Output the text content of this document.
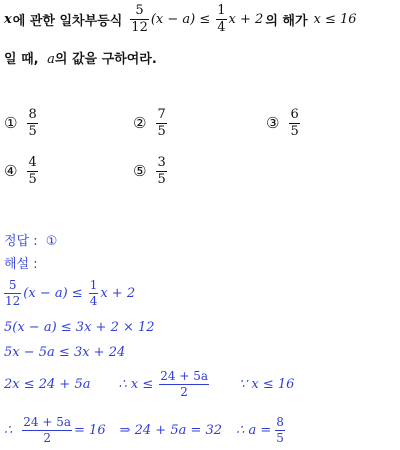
x 에 관한 일차부등식 $\frac{5}{12} (x - a) \le \frac{1}{4}$ x + 2 의 해가 x ≤ 16
일 때, a의 값을 구하여라.
① $\frac{8}{5}$	② $\frac{7}{5}$	③ $\frac{6}{5}$
④ $\frac{4}{5}$	⑤ $\frac{3}{5}$
정답 : ①
해설 :
$\frac{5}{12} (x - a) \le \frac{1}{4}$ x + 2
5(x − a) ≤ 3x + 2 × 12
5x − 5a ≤ 3x + 24
2x ≤ 24 + 5a ∴ $x \le \frac{24 + 5a}{2}$ ∵ x ≤ 16
∴ $\frac{24 + 5a}{2} = 16$ ⇒ 24 + 5a = 32 ∴ $a = \frac{8}{5}$
